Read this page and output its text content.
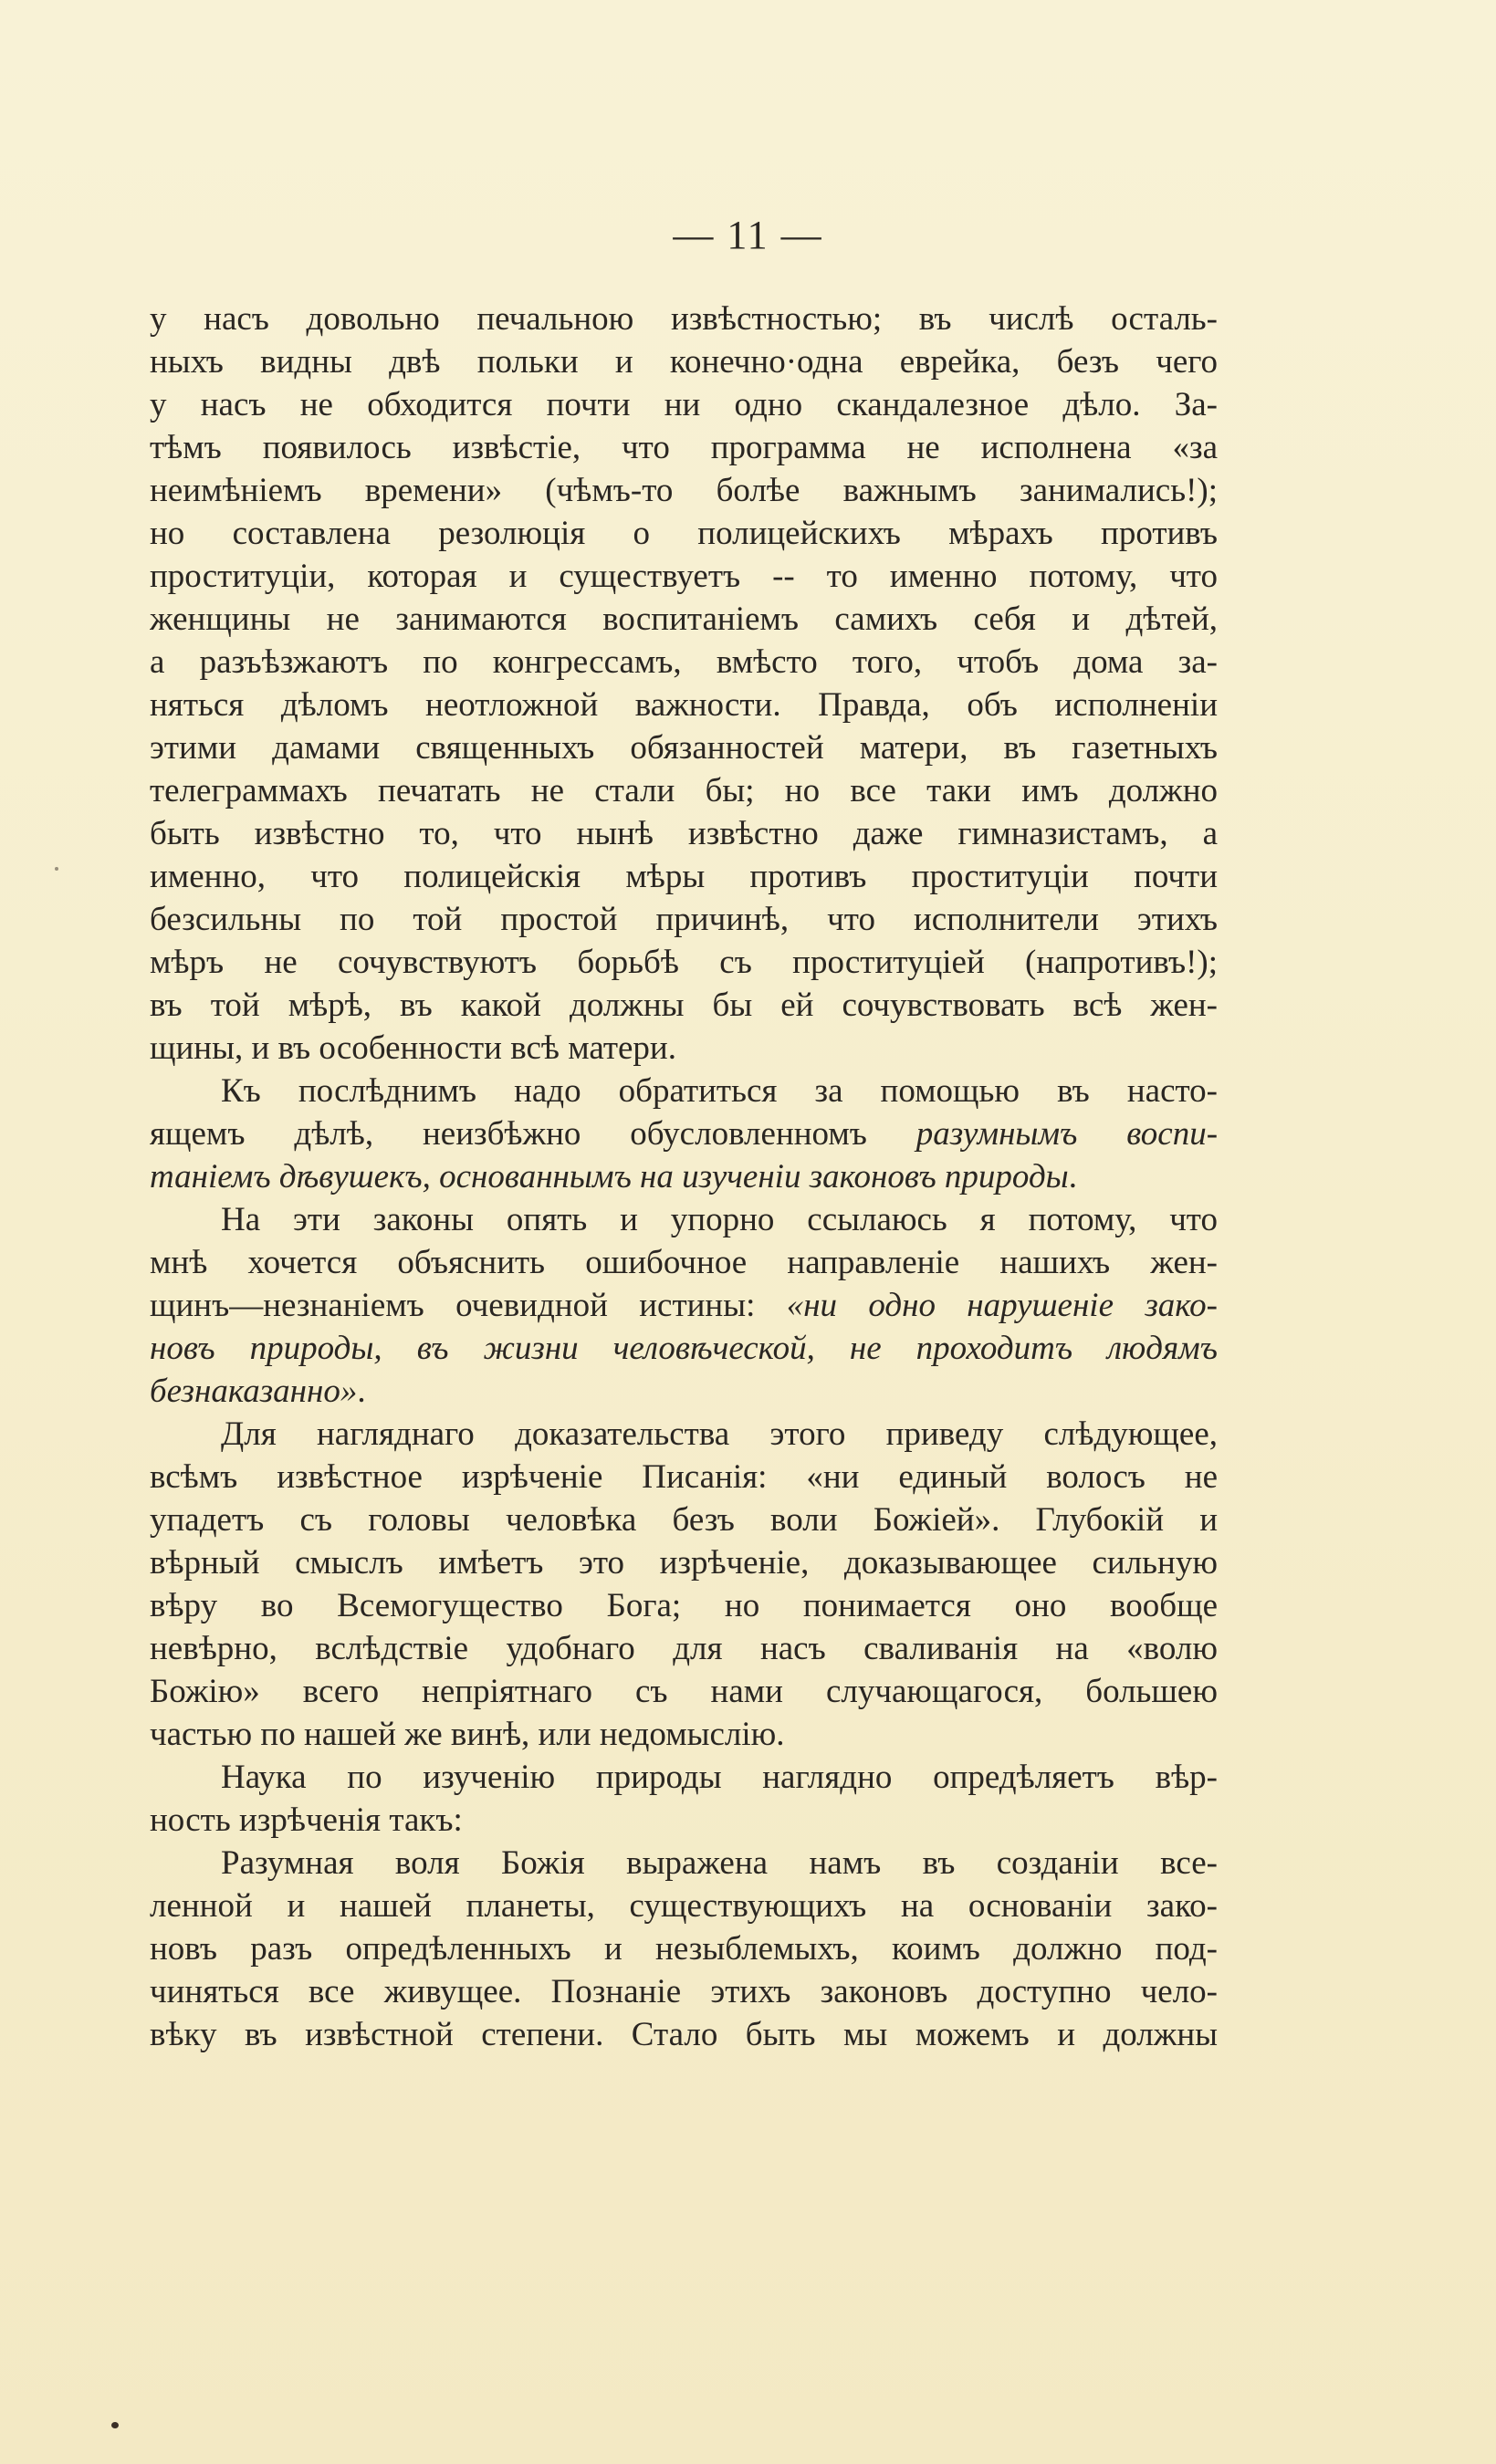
— 11 —
у насъ довольно печальною извѣстностью; въ числѣ осталь-
ныхъ видны двѣ польки и конечно·одна еврейка, безъ чего
у насъ не обходится почти ни одно скандалезное дѣло. За-
тѣмъ появилось извѣстіе, что программа не исполнена «за
неимѣніемъ времени» (чѣмъ-то болѣе важнымъ занимались!);
но составлена резолюція о полицейскихъ мѣрахъ противъ
проституціи, которая и существуетъ -- то именно потому, что
женщины не занимаются воспитаніемъ самихъ себя и дѣтей,
а разъѣзжаютъ по конгрессамъ, вмѣсто того, чтобъ дома за-
няться дѣломъ неотложной важности. Правда, объ исполненіи
этими дамами священныхъ обязанностей матери, въ газетныхъ
телеграммахъ печатать не стали бы; но все таки имъ должно
быть извѣстно то, что нынѣ извѣстно даже гимназистамъ, а
именно, что полицейскія мѣры противъ проституціи почти
безсильны по той простой причинѣ, что исполнители этихъ
мѣръ не сочувствуютъ борьбѣ съ проституціей (напротивъ!);
въ той мѣрѣ, въ какой должны бы ей сочувствовать всѣ жен-
щины, и въ особенности всѣ матери.
Къ послѣднимъ надо обратиться за помощью въ насто-
ящемъ дѣлѣ, неизбѣжно обусловленномъ разумнымъ воспи-
таніемъ дѣвушекъ, основаннымъ на изученіи законовъ природы.
На эти законы опять и упорно ссылаюсь я потому, что
мнѣ хочется объяснить ошибочное направленіе нашихъ жен-
щинъ—незнаніемъ очевидной истины: «ни одно нарушеніе зако-
новъ природы, въ жизни человѣческой, не проходитъ людямъ
безнаказанно».
Для нагляднаго доказательства этого приведу слѣдующее,
всѣмъ извѣстное изрѣченіе Писанія: «ни единый волосъ не
упадетъ съ головы человѣка безъ воли Божіей». Глубокій и
вѣрный смыслъ имѣетъ это изрѣченіе, доказывающее сильную
вѣру во Всемогущество Бога; но понимается оно вообще
невѣрно, вслѣдствіе удобнаго для насъ сваливанія на «волю
Божію» всего непріятнаго съ нами случающагося, большею
частью по нашей же винѣ, или недомыслію.
Наука по изученію природы наглядно опредѣляетъ вѣр-
ность изрѣченія такъ:
Разумная воля Божія выражена намъ въ созданіи все-
ленной и нашей планеты, существующихъ на основаніи зако-
новъ разъ опредѣленныхъ и незыблемыхъ, коимъ должно под-
чиняться все живущее. Познаніе этихъ законовъ доступно чело-
вѣку въ извѣстной степени. Стало быть мы можемъ и должны
